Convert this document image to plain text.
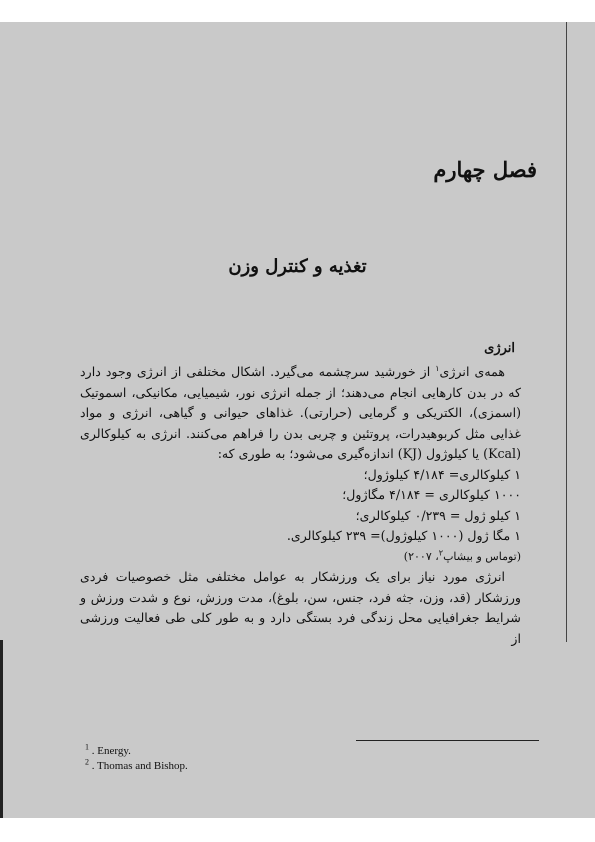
فصل چهارم
تغذیه و کنترل وزن
انرژی

همه‌ی انرژی$^۱$ از خورشید سرچشمه می‌گیرد. اشکال مختلفی از انرژی وجود دارد که در بدن کارهایی انجام می‌دهند؛ از جمله انرژی نور، شیمیایی، مکانیکی، اسموتیک (اسمزی)، الکتریکی و گرمایی (حرارتی). غذاهای حیوانی و گیاهی، انرژی و مواد غذایی مثل کربوهیدرات، پروتئین و چربی بدن را فراهم می‌کنند. انرژی به کیلوکالری (Kcal) یا کیلوژول (KJ) اندازه‌گیری می‌شود؛ به طوری که:

۱ کیلوکالری= ۴/۱۸۴ کیلوژول؛
۱۰۰۰ کیلوکالری = ۴/۱۸۴ مگاژول؛
۱ کیلو ژول = ۰/۲۳۹ کیلوکالری؛
۱ مگا ژول (۱۰۰۰ کیلوژول)= ۲۳۹ کیلوکالری.
(توماس و بیشاپ$^۲$، ۲۰۰۷)

انرژی مورد نیاز برای یک ورزشکار به عوامل مختلفی مثل خصوصیات فردی ورزشکار (قد، وزن، جثه فرد، جنس، سن، بلوغ)، مدت ورزش، نوع و شدت ورزش و شرایط جغرافیایی محل زندگی فرد بستگی دارد و به طور کلی طی فعالیت ورزشی از

$^1$ . Energy.
$^2$ . Thomas and Bishop.
